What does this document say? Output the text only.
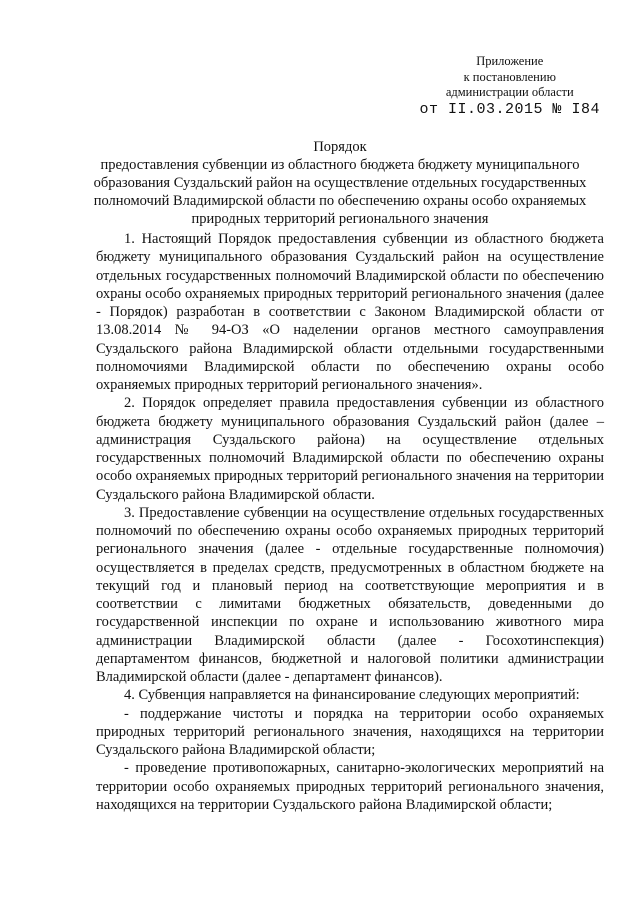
Приложение
к постановлению
администрации области
от II.03.2015 № I84
Порядок
предоставления субвенции из областного бюджета бюджету муниципального образования Суздальский район на осуществление отдельных государственных полномочий Владимирской области по обеспечению охраны особо охраняемых природных территорий регионального значения

1. Настоящий Порядок предоставления субвенции из областного бюджета бюджету муниципального образования Суздальский район на осуществление отдельных государственных полномочий Владимирской области по обеспечению охраны особо охраняемых природных территорий регионального значения (далее - Порядок) разработан в соответствии с Законом Владимирской области от 13.08.2014 № 94-ОЗ «О наделении органов местного самоуправления Суздальского района Владимирской области отдельными государственными полномочиями Владимирской области по обеспечению охраны особо охраняемых природных территорий регионального значения».

2. Порядок определяет правила предоставления субвенции из областного бюджета бюджету муниципального образования Суздальский район (далее – администрация Суздальского района) на осуществление отдельных государственных полномочий Владимирской области по обеспечению охраны особо охраняемых природных территорий регионального значения на территории Суздальского района Владимирской области.

3. Предоставление субвенции на осуществление отдельных государственных полномочий по обеспечению охраны особо охраняемых природных территорий регионального значения (далее - отдельные государственные полномочия) осуществляется в пределах средств, предусмотренных в областном бюджете на текущий год и плановый период на соответствующие мероприятия и в соответствии с лимитами бюджетных обязательств, доведенными до государственной инспекции по охране и использованию животного мира администрации Владимирской области (далее - Госохотинспекция) департаментом финансов, бюджетной и налоговой политики администрации Владимирской области (далее - департамент финансов).

4. Субвенция направляется на финансирование следующих мероприятий:

- поддержание чистоты и порядка на территории особо охраняемых природных территорий регионального значения, находящихся на территории Суздальского района Владимирской области;

- проведение противопожарных, санитарно-экологических мероприятий на территории особо охраняемых природных территорий регионального значения, находящихся на территории Суздальского района Владимирской области;
